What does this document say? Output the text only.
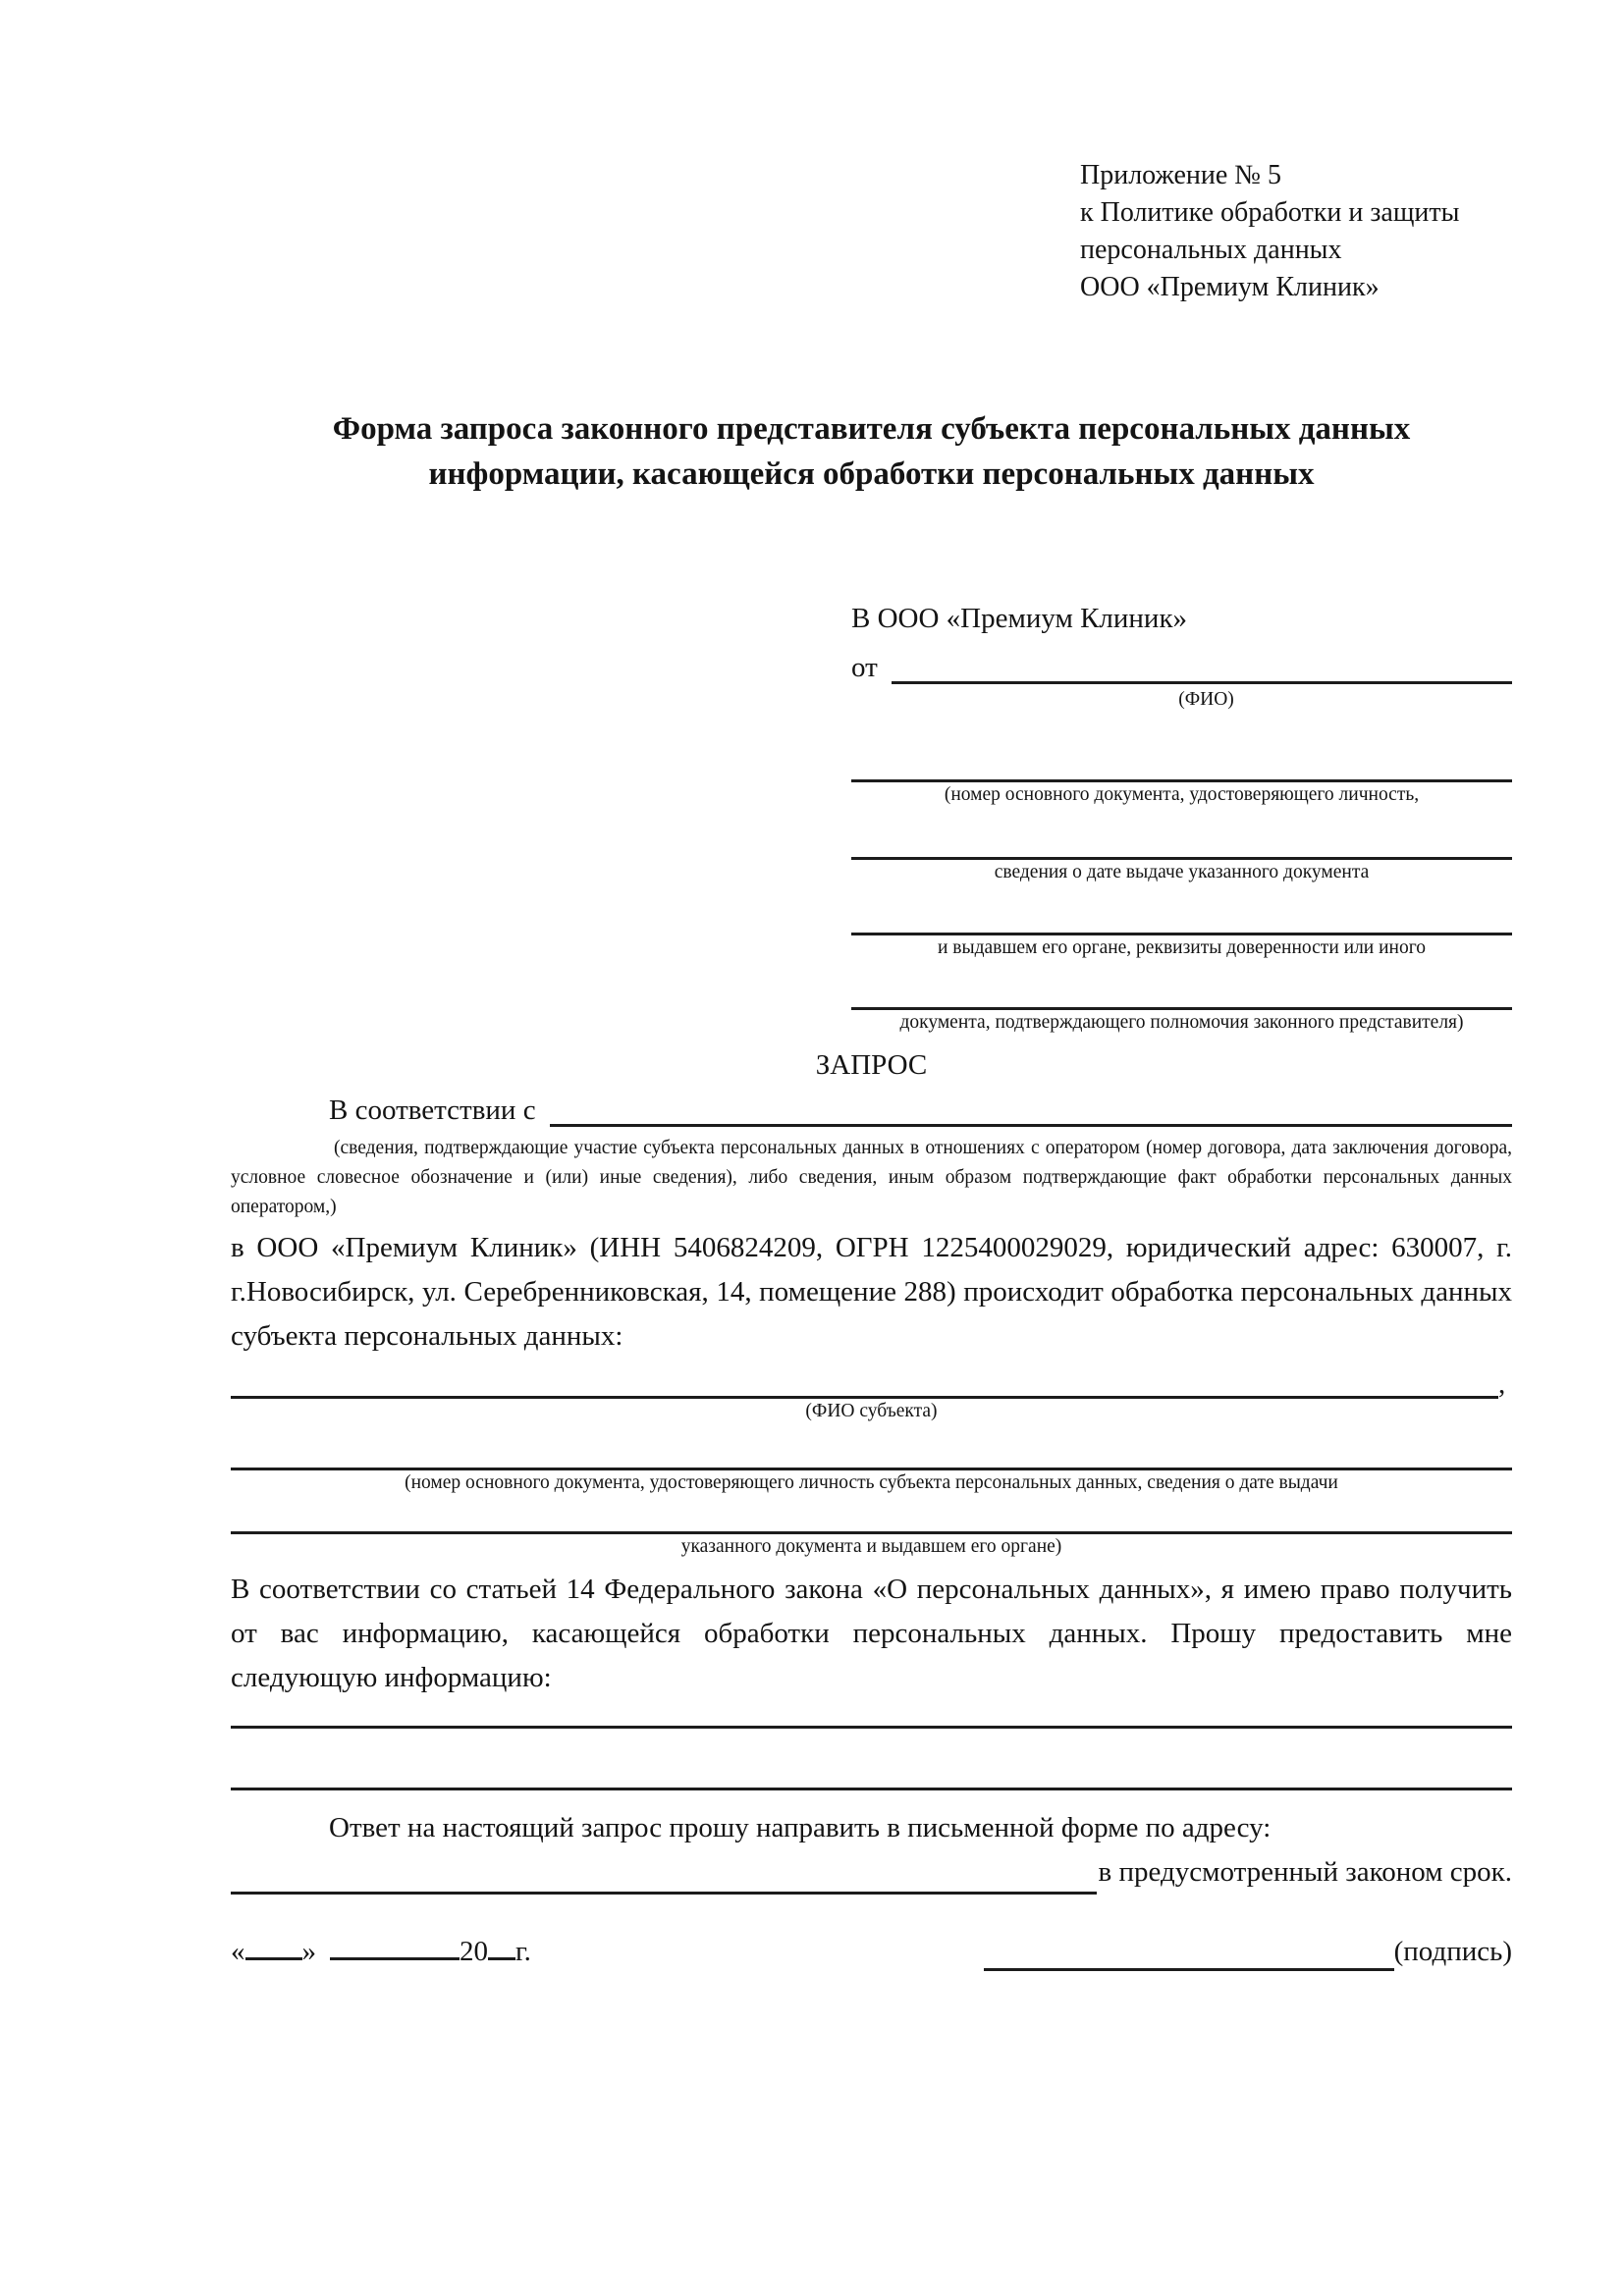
Приложение № 5
к Политике обработки и защиты
персональных данных
ООО «Премиум Клиник»
Форма запроса законного представителя субъекта персональных данных
информации, касающейся обработки персональных данных
В ООО «Премиум Клиник»
от
(ФИО)
(номер основного документа, удостоверяющего личность,
сведения о дате выдаче указанного документа
и выдавшем его органе, реквизиты доверенности или иного
документа, подтверждающего полномочия законного представителя)
ЗАПРОС
В соответствии с
(сведения, подтверждающие участие субъекта персональных данных в отношениях с оператором (номер договора, дата заключения договора, условное словесное обозначение и (или) иные сведения), либо сведения, иным образом подтверждающие факт обработки персональных данных оператором,)
в ООО «Премиум Клиник» (ИНН 5406824209, ОГРН 1225400029029, юридический адрес: 630007, г. г.Новосибирск, ул. Серебренниковская, 14, помещение 288) происходит обработка персональных данных субъекта персональных данных:
,
(ФИО субъекта)
(номер основного документа, удостоверяющего личность субъекта персональных данных, сведения о дате выдачи
указанного документа и выдавшем его органе)
В соответствии со статьей 14 Федерального закона «О персональных данных», я имею право получить от вас информацию, касающейся обработки персональных данных. Прошу предоставить мне следующую информацию:
Ответ на настоящий запрос прошу направить в письменной форме по адресу:
в предусмотренный законом срок.
« »	20 г.	(подпись)
